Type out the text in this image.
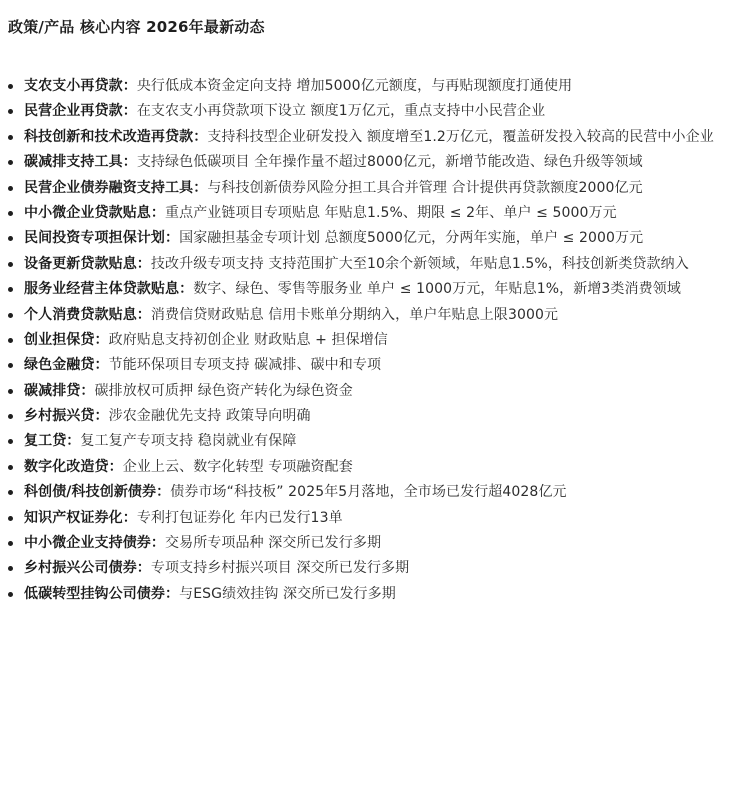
政策/产品 核心内容 2026年最新动态
支农支小再贷款：央行低成本资金定向支持 增加5000亿元额度，与再贴现额度打通使用
民营企业再贷款：在支农支小再贷款项下设立 额度1万亿元，重点支持中小民营企业
科技创新和技术改造再贷款：支持科技型企业研发投入 额度增至1.2万亿元，覆盖研发投入较高的民营中小企业
碳减排支持工具：支持绿色低碳项目 全年操作量不超过8000亿元，新增节能改造、绿色升级等领域
民营企业债券融资支持工具：与科技创新债券风险分担工具合并管理 合计提供再贷款额度2000亿元
中小微企业贷款贴息：重点产业链项目专项贴息 年贴息1.5%、期限 ≤ 2年、单户 ≤ 5000万元
民间投资专项担保计划：国家融担基金专项计划 总额度5000亿元，分两年实施，单户 ≤ 2000万元
设备更新贷款贴息：技改升级专项支持 支持范围扩大至10余个新领域，年贴息1.5%，科技创新类贷款纳入
服务业经营主体贷款贴息：数字、绿色、零售等服务业 单户 ≤ 1000万元，年贴息1%，新增3类消费领域
个人消费贷款贴息：消费信贷财政贴息 信用卡账单分期纳入，单户年贴息上限3000元
创业担保贷：政府贴息支持初创企业 财政贴息 + 担保增信
绿色金融贷：节能环保项目专项支持 碳减排、碳中和专项
碳减排贷：碳排放权可质押 绿色资产转化为绿色资金
乡村振兴贷：涉农金融优先支持 政策导向明确
复工贷：复工复产专项支持 稳岗就业有保障
数字化改造贷：企业上云、数字化转型 专项融资配套
科创债/科技创新债券：债券市场“科技板” 2025年5月落地，全市场已发行超4028亿元
知识产权证券化：专利打包证券化 年内已发行13单
中小微企业支持债券：交易所专项品种 深交所已发行多期
乡村振兴公司债券：专项支持乡村振兴项目 深交所已发行多期
低碳转型挂钩公司债券：与ESG绩效挂钩 深交所已发行多期
